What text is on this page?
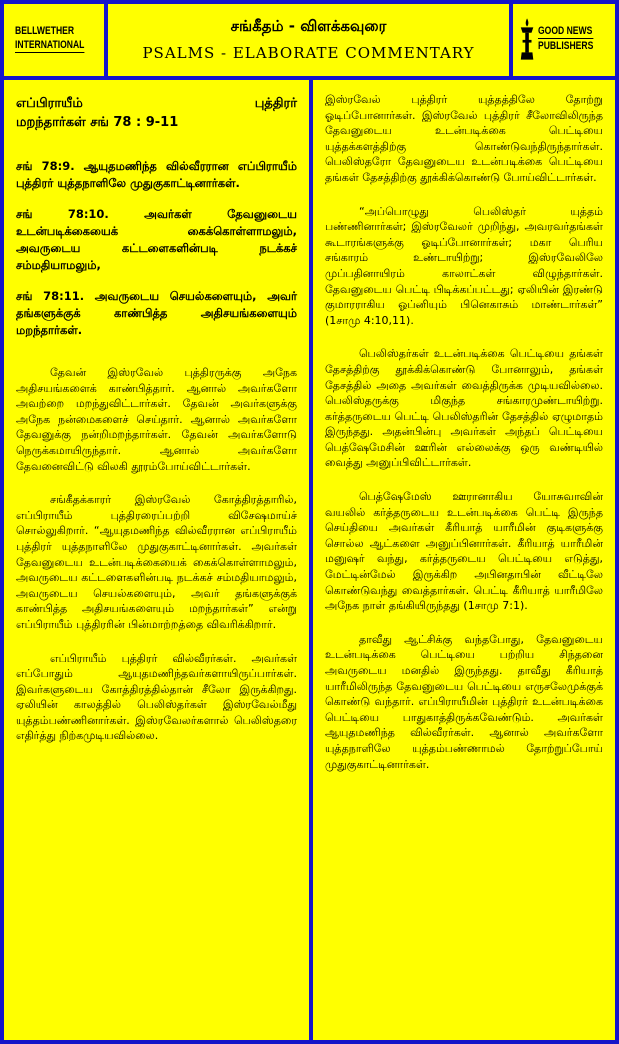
BELLWETHER
INTERNATIONAL
சங்கீதம் - விளக்கவுரை
PSALMS - ELABORATE COMMENTARY
GOOD NEWS
PUBLISHERS
எப்பிராயீம் புத்திரர்
மறந்தார்கள் சங் 78 : 9-11

சங் 78:9. ஆயுதமணிந்த வில்வீரரான எப்பிராயீம் புத்திரர் யுத்தநாளிலே முதுகுகாட்டினார்கள்.

சங் 78:10. அவர்கள் தேவனுடைய உடன்படிக்கையைக் கைக்கொள்ளாமலும், அவருடைய கட்டளைகளின்படி நடக்கச் சம்மதியாமலும்,

சங் 78:11. அவருடைய செயல்களையும், அவர் தங்களுக்குக் காண்பித்த அதிசயங்களையும் மறந்தார்கள்.

தேவன் இஸ்ரவேல் புத்திரருக்கு அநேக அதிசயங்களைக் காண்பித்தார். ஆனால் அவர்களோ அவற்றை மறந்துவிட்டார்கள். தேவன் அவர்களுக்கு அநேக நன்மைகளைச் செய்தார். ஆனால் அவர்களோ தேவனுக்கு நன்றிமறந்தார்கள். தேவன் அவர்களோடு நெருக்கமாயிருந்தார். ஆனால் அவர்களோ தேவனைவிட்டு விலகி தூரம்போய்விட்டார்கள்.

சங்கீதக்காரர் இஸ்ரவேல் கோத்திரத்தாரில், எப்பிராயீம் புத்திரரைப்பற்றி விசேஷமாய்ச் சொல்லுகிறார். “ஆயுதமணிந்த வில்வீரரான எப்பிராயீம் புத்திரர் யுத்தநாளிலே முதுகுகாட்டினார்கள். அவர்கள் தேவனுடைய உடன்படிக்கையைக் கைக்கொள்ளாமலும், அவருடைய கட்டளைகளின்படி நடக்கச் சம்மதியாமலும், அவருடைய செயல்களையும், அவர் தங்களுக்குக் காண்பித்த அதிசயங்களையும் மறந்தார்கள்” என்று எப்பிராயீம் புத்திரரின் பின்மாற்றத்தை விவரிக்கிறார்.

எப்பிராயீம் புத்திரர் வில்வீரர்கள். அவர்கள் எப்போதும் ஆயுதமணிந்தவர்களாயிருப்பார்கள். இவர்களுடைய கோத்திரத்தில்தான் சீலோ இருக்கிறது. ஏலியின் காலத்தில் பெலிஸ்தர்கள் இஸ்ரவேல்மீது யுத்தம்பண்ணினார்கள். இஸ்ரவேலர்களால் பெலிஸ்தரை எதிர்த்து நிற்கமுடியவில்லை.

இஸ்ரவேல் புத்திரர் யுத்தத்திலே தோற்று ஓடிப்போனார்கள். இஸ்ரவேல் புத்திரர் சீலோவிலிருந்த தேவனுடைய உடன்படிக்கை பெட்டியை யுத்தக்களத்திற்கு கொண்டுவந்திருந்தார்கள். பெலிஸ்தரோ தேவனுடைய உடன்படிக்கை பெட்டியை தங்கள் தேசத்திற்கு தூக்கிக்கொண்டு போய்விட்டார்கள்.

“அப்பொழுது பெலிஸ்தர் யுத்தம் பண்ணினார்கள்; இஸ்ரவேலர் முறிந்து, அவரவர்தங்கள் கூடாரங்களுக்கு ஓடிப்போனார்கள்; மகா பெரிய சங்காரம் உண்டாயிற்று; இஸ்ரவேலிலே முப்பதினாயிரம் காலாட்கள் விழுந்தார்கள். தேவனுடைய பெட்டி பிடிக்கப்பட்டது; ஏலியின் இரண்டு குமாரராகிய ஓப்னியும் பினெகாசும் மாண்டார்கள்” (1சாமு 4:10,11).

பெலிஸ்தர்கள் உடன்படிக்கை பெட்டியை தங்கள் தேசத்திற்கு தூக்கிக்கொண்டு போனாலும், தங்கள் தேசத்தில் அதை அவர்கள் வைத்திருக்க முடியவில்லை. பெலிஸ்தருக்கு மிகுந்த சங்காரமுண்டாயிற்று. கர்த்தருடைய பெட்டி பெலிஸ்தரின் தேசத்தில் ஏழுமாதம் இருந்தது. அதன்பின்பு அவர்கள் அந்தப் பெட்டியை பெத்ஷேமேசின் ஊரின் எல்லைக்கு ஒரு வண்டியில் வைத்து அனுப்பிவிட்டார்கள்.

பெத்ஷேமேஸ் ஊரானாகிய யோசுவாவின் வயலில் கர்த்தருடைய உடன்படிக்கை பெட்டி இருந்த செய்தியை அவர்கள் கீரியாத் யாரீமின் குடிகளுக்கு சொல்ல ஆட்களை அனுப்பினார்கள். கீரியாத் யாரீமின் மனுஷர் வந்து, கர்த்தருடைய பெட்டியை எடுத்து, மேட்டின்மேல் இருக்கிற அபினதாபின் வீட்டிலே கொண்டுவந்து வைத்தார்கள். பெட்டி கீரியாத் யாரீமிலே அநேக நாள் தங்கியிருந்தது (1சாமு 7:1).

தாவீது ஆட்சிக்கு வந்தபோது, தேவனுடைய உடன்படிக்கை பெட்டியை பற்றிய சிந்தனை அவருடைய மனதில் இருந்தது. தாவீது கீரியாத் யாரீமிலிருந்த தேவனுடைய பெட்டியை எருசலேமுக்குக் கொண்டு வந்தார். எப்பிராயீமின் புத்திரர் உடன்படிக்கை பெட்டியை பாதுகாத்திருக்கவேண்டும். அவர்கள் ஆயுதமணிந்த வில்வீரர்கள். ஆனால் அவர்களோ யுத்தநாளிலே யுத்தம்பண்ணாமல் தோற்றுப்போய் முதுகுகாட்டினார்கள்.
